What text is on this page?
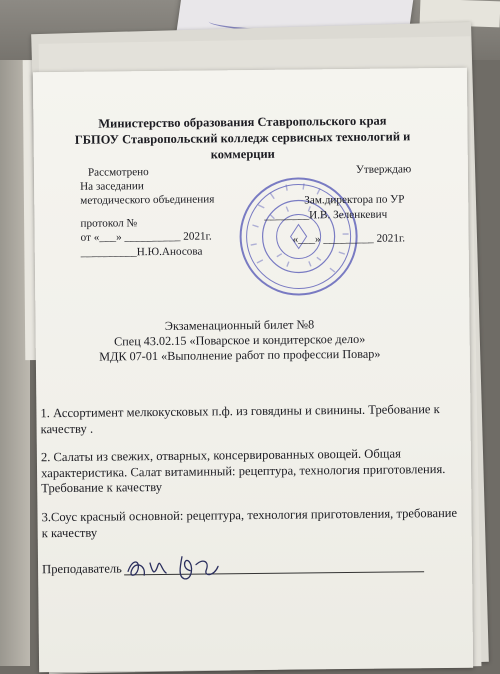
Министерство образования Ставропольского края
ГБПОУ Ставропольский колледж сервисных технологий и коммерции
Рассмотрено
На заседании
методического объединения
протокол №
от «___» __________ 2021г.
__________Н.Ю.Аносова
Утверждаю
Зам.директора по УР
________И.В. Зеленкевич
«___» _________ 2021г.
Экзаменационный билет №8
Спец 43.02.15 «Поварское и кондитерское дело»
МДК 07-01 «Выполнение работ по профессии Повар»
1. Ассортимент мелкокусковых п.ф. из говядины и свинины. Требование к качеству .
2. Салаты из свежих, отварных, консервированных овощей. Общая характеристика. Салат витаминный: рецептура, технология приготовления. Требование к качеству
3.Соус красный основной: рецептура, технология приготовления, требование к качеству
Преподаватель
